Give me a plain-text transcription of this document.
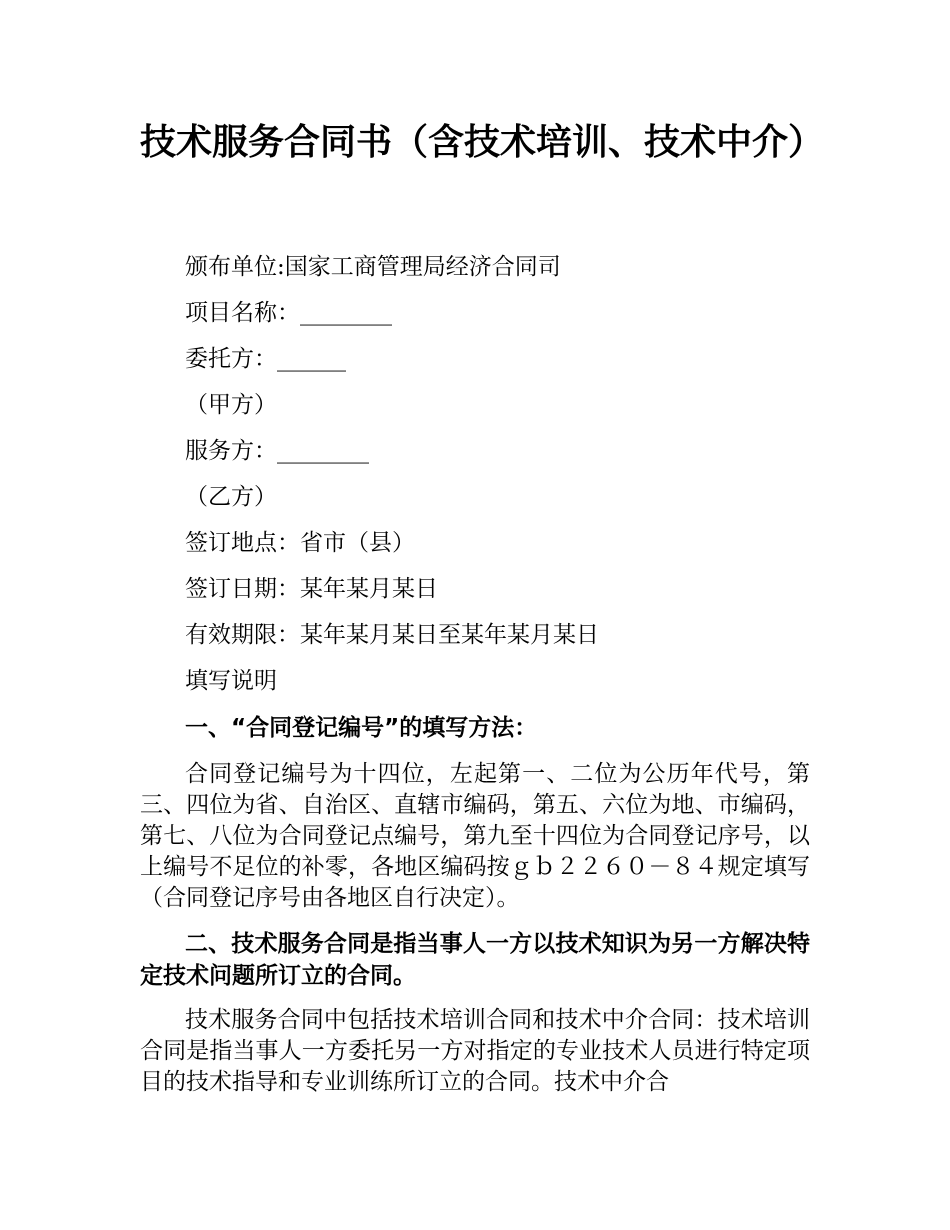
技术服务合同书（含技术培训、技术中介）

颁布单位:国家工商管理局经济合同司

项目名称：________

委托方：______

（甲方）

服务方：________

（乙方）

签订地点：省市（县）

签订日期：某年某月某日

有效期限：某年某月某日至某年某月某日

填写说明

一、“合同登记编号”的填写方法：

合同登记编号为十四位，左起第一、二位为公历年代号，第三、四位为省、自治区、直辖市编码，第五、六位为地、市编码，第七、八位为合同登记点编号，第九至十四位为合同登记序号，以上编号不足位的补零，各地区编码按ｇｂ２２６０－８４规定填写（合同登记序号由各地区自行决定）。

二、技术服务合同是指当事人一方以技术知识为另一方解决特定技术问题所订立的合同。

技术服务合同中包括技术培训合同和技术中介合同：技术培训合同是指当事人一方委托另一方对指定的专业技术人员进行特定项目的技术指导和专业训练所订立的合同。技术中介合
